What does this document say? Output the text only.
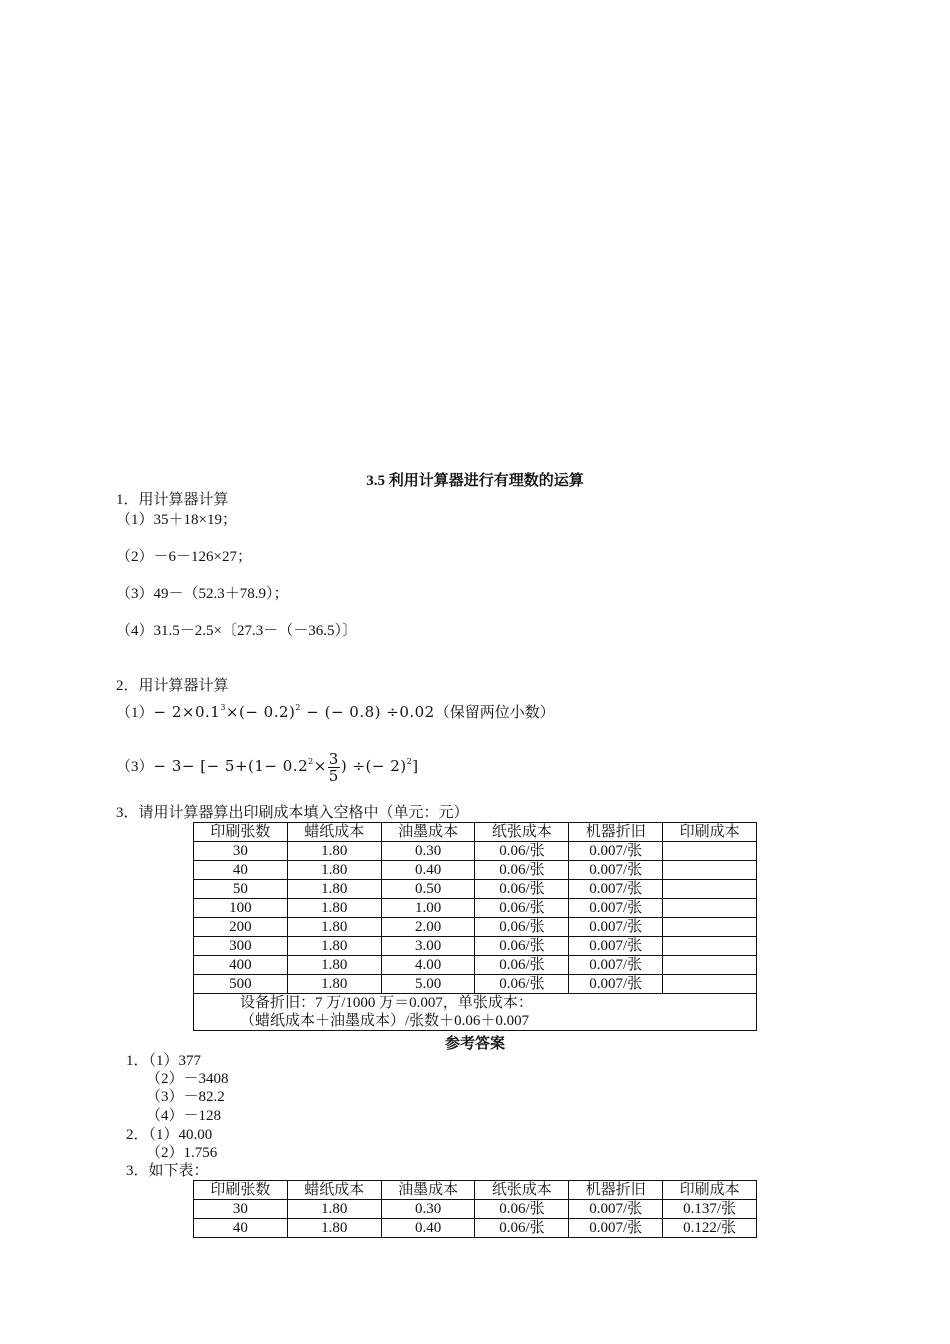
3.5 利用计算器进行有理数的运算
1．用计算器计算
（1）35＋18×19；
（2）－6－126×27；
（3）49－（52.3＋78.9）；
（4）31.5－2.5×〔27.3－（－36.5）〕
2．用计算器计算
$(1)- 2\times 0.1^3\times(- 0.2)^2$ − (− 0.8) ÷0.02（保留两位小数）
（3）− 3− [− $5+(1- 0.2^2\times \frac{3}{5}$ ) ÷(− 2)$^2$]
3．请用计算器算出印刷成本填入空格中（单元：元）
印刷张数	蜡纸成本	油墨成本	纸张成本	机器折旧	印刷成本
30	1.80	0.30	0.06/张	0.007/张	
40	1.80	0.40	0.06/张	0.007/张	
50	1.80	0.50	0.06/张	0.007/张	
100	1.80	1.00	0.06/张	0.007/张	
200	1.80	2.00	0.06/张	0.007/张	
300	1.80	3.00	0.06/张	0.007/张	
400	1.80	4.00	0.06/张	0.007/张	
500	1.80	5.00	0.06/张	0.007/张	

设备折旧：7 万/1000 万＝0.007，单张成本：
（蜡纸成本＋油墨成本）/张数＋0.06＋0.007					
参考答案
1．（1）377
（2）－3408
（3）－82.2
（4）－128
2．（1）40.00
（2）1.756
3．如下表：
印刷张数	蜡纸成本	油墨成本	纸张成本	机器折旧	印刷成本
30	1.80	0.30	0.06/张	0.007/张	0.137/张
40	1.80	0.40	0.06/张	0.007/张	0.122/张
